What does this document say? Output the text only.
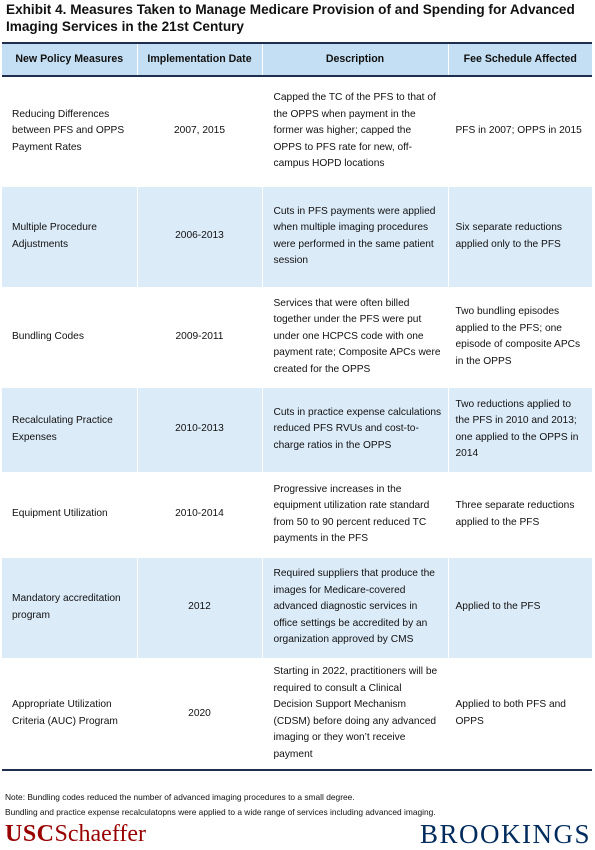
Exhibit 4. Measures Taken to Manage Medicare Provision of and Spending for Advanced Imaging Services in the 21st Century
New Policy Measures	Implementation Date	Description	Fee Schedule Affected
Reducing Differences between PFS and OPPS Payment Rates	2007, 2015	Capped the TC of the PFS to that of the OPPS when payment in the former was higher; capped the OPPS to PFS rate for new, off-campus HOPD locations	PFS in 2007; OPPS in 2015
Multiple Procedure Adjustments	2006-2013	Cuts in PFS payments were applied when multiple imaging procedures were performed in the same patient session	Six separate reductions applied only to the PFS
Bundling Codes	2009-2011	Services that were often billed together under the PFS were put under one HCPCS code with one payment rate; Composite APCs were created for the OPPS	Two bundling episodes applied to the PFS; one episode of composite APCs in the OPPS
Recalculating Practice Expenses	2010-2013	Cuts in practice expense calculations reduced PFS RVUs and cost-to-charge ratios in the OPPS	Two reductions applied to the PFS in 2010 and 2013; one applied to the OPPS in 2014
Equipment Utilization	2010-2014	Progressive increases in the equipment utilization rate standard from 50 to 90 percent reduced TC payments in the PFS	Three separate reductions applied to the PFS
Mandatory accreditation program	2012	Required suppliers that produce the images for Medicare-covered advanced diagnostic services in office settings be accredited by an organization approved by CMS	Applied to the PFS
Appropriate Utilization Criteria (AUC) Program	2020	Starting in 2022, practitioners will be required to consult a Clinical Decision Support Mechanism (CDSM) before doing any advanced imaging or they won’t receive payment	Applied to both PFS and OPPS
Note: Bundling codes reduced the number of advanced imaging procedures to a small degree.
Bundling and practice expense recalculatopns were applied to a wide range of services including advanced imaging.
USCSchaeffer	BROOKINGS
